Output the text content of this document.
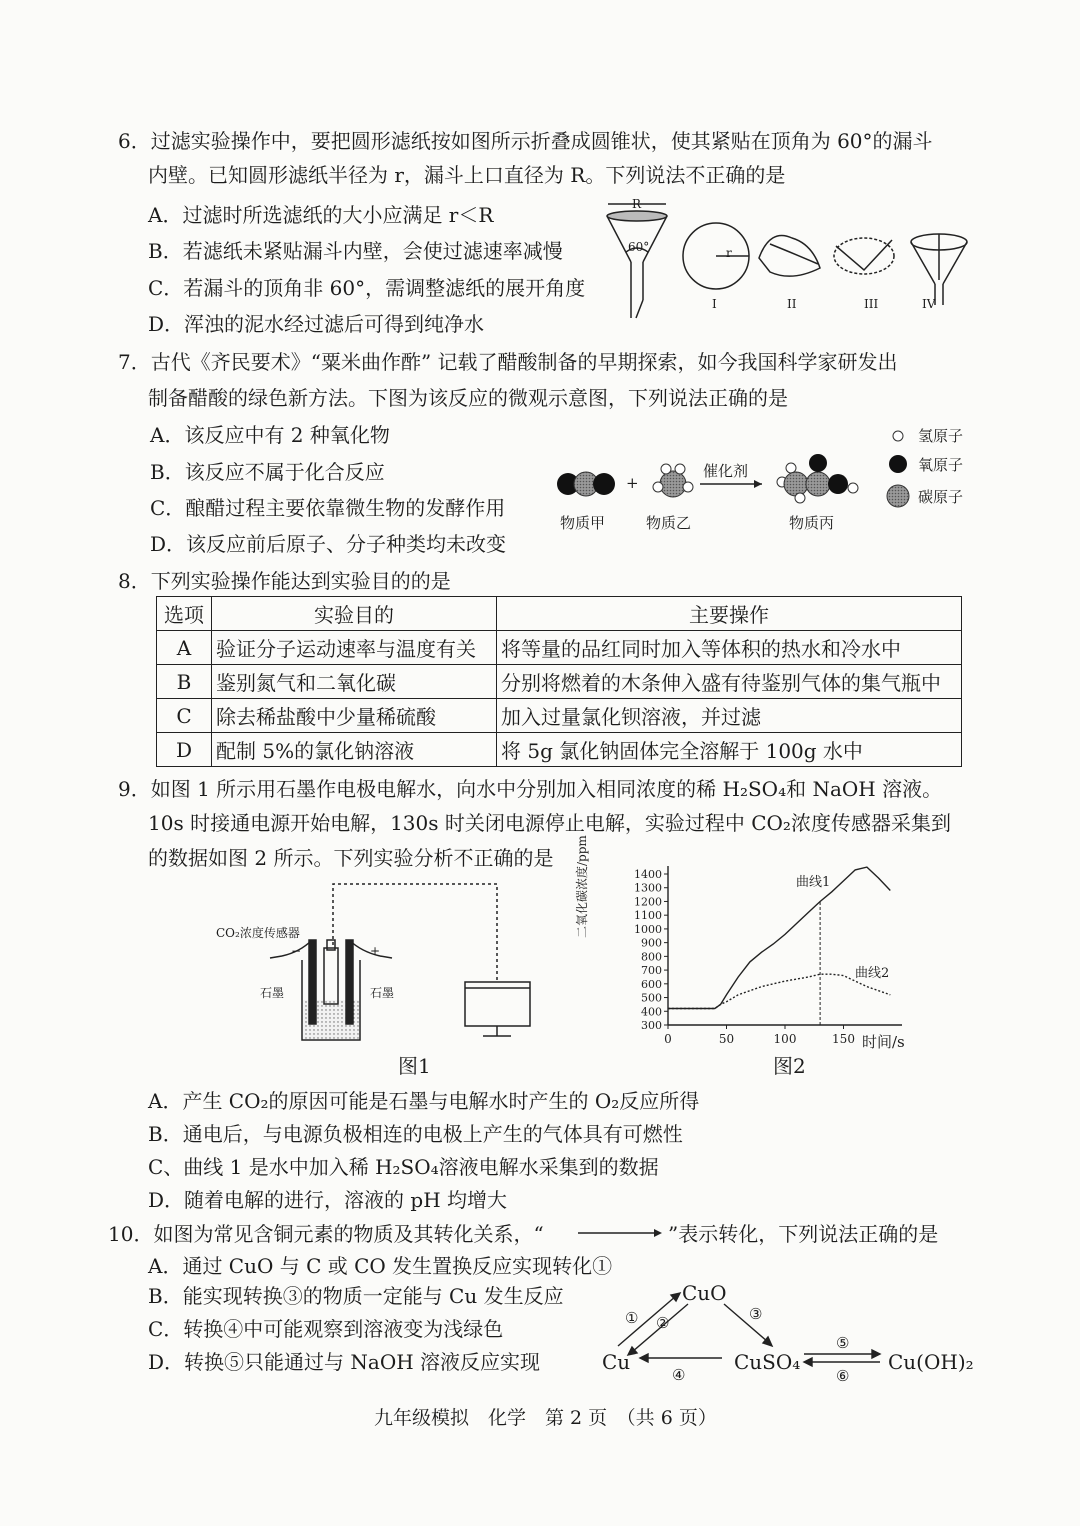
6．过滤实验操作中，要把圆形滤纸按如图所示折叠成圆锥状，使其紧贴在顶角为 60°的漏斗
内壁。已知圆形滤纸半径为 r，漏斗上口直径为 R。下列说法不正确的是
A．过滤时所选滤纸的大小应满足 r＜R
B．若滤纸未紧贴漏斗内壁，会使过滤速率减慢
C．若漏斗的顶角非 60°，需调整滤纸的展开角度
D．浑浊的泥水经过滤后可得到纯净水
R
60°	r
I	II	III	IV
7．古代《齐民要术》“粟米曲作酢” 记载了醋酸制备的早期探索，如今我国科学家研发出
制备醋酸的绿色新方法。下图为该反应的微观示意图，下列说法正确的是
A．该反应中有 2 种氧化物
B．该反应不属于化合反应
C．酿醋过程主要依靠微生物的发酵作用
D．该反应前后原子、分子种类均未改变
氢原子
氧原子
碳原子
催化剂
+
物质甲	物质乙	物质丙
8．下列实验操作能达到实验目的的是
选项	实验目的	主要操作
A	验证分子运动速率与温度有关	将等量的品红同时加入等体积的热水和冷水中
B	鉴别氮气和二氧化碳	分别将燃着的木条伸入盛有待鉴别气体的集气瓶中
C	除去稀盐酸中少量稀硫酸	加入过量氯化钡溶液，并过滤
D	配制 5%的氯化钠溶液	将 5g 氯化钠固体完全溶解于 100g 水中
9．如图 1 所示用石墨作电极电解水，向水中分别加入相同浓度的稀 H₂SO₄和 NaOH 溶液。
10s 时接通电源开始电解，130s 时关闭电源停止电解，实验过程中 CO₂浓度传感器采集到
的数据如图 2 所示。下列实验分析不正确的是
CO₂浓度传感器
石墨	石墨
−	+
图1
300
400
500
600
700
800
900
1000
1100
1200
1300
1400
0	50	100	150
曲线1
曲线2
二氧化碳浓度/ppm
时间/s
图2
A．产生 CO₂的原因可能是石墨与电解水时产生的 O₂反应所得
B．通电后，与电源负极相连的电极上产生的气体具有可燃性
C、曲线 1 是水中加入稀 H₂SO₄溶液电解水采集到的数据
D．随着电解的进行，溶液的 pH 均增大
10．如图为常见含铜元素的物质及其转化关系，“	”表示转化，下列说法正确的是
A．通过 CuO 与 C 或 CO 发生置换反应实现转化①
B．能实现转换③的物质一定能与 Cu 发生反应
C．转换④中可能观察到溶液变为浅绿色
D．转换⑤只能通过与 NaOH 溶液反应实现
CuO
Cu	CuSO₄	Cu(OH)₂
① ②	③
④
⑤
⑥
九年级模拟　化学　第 2 页　（共 6 页）
